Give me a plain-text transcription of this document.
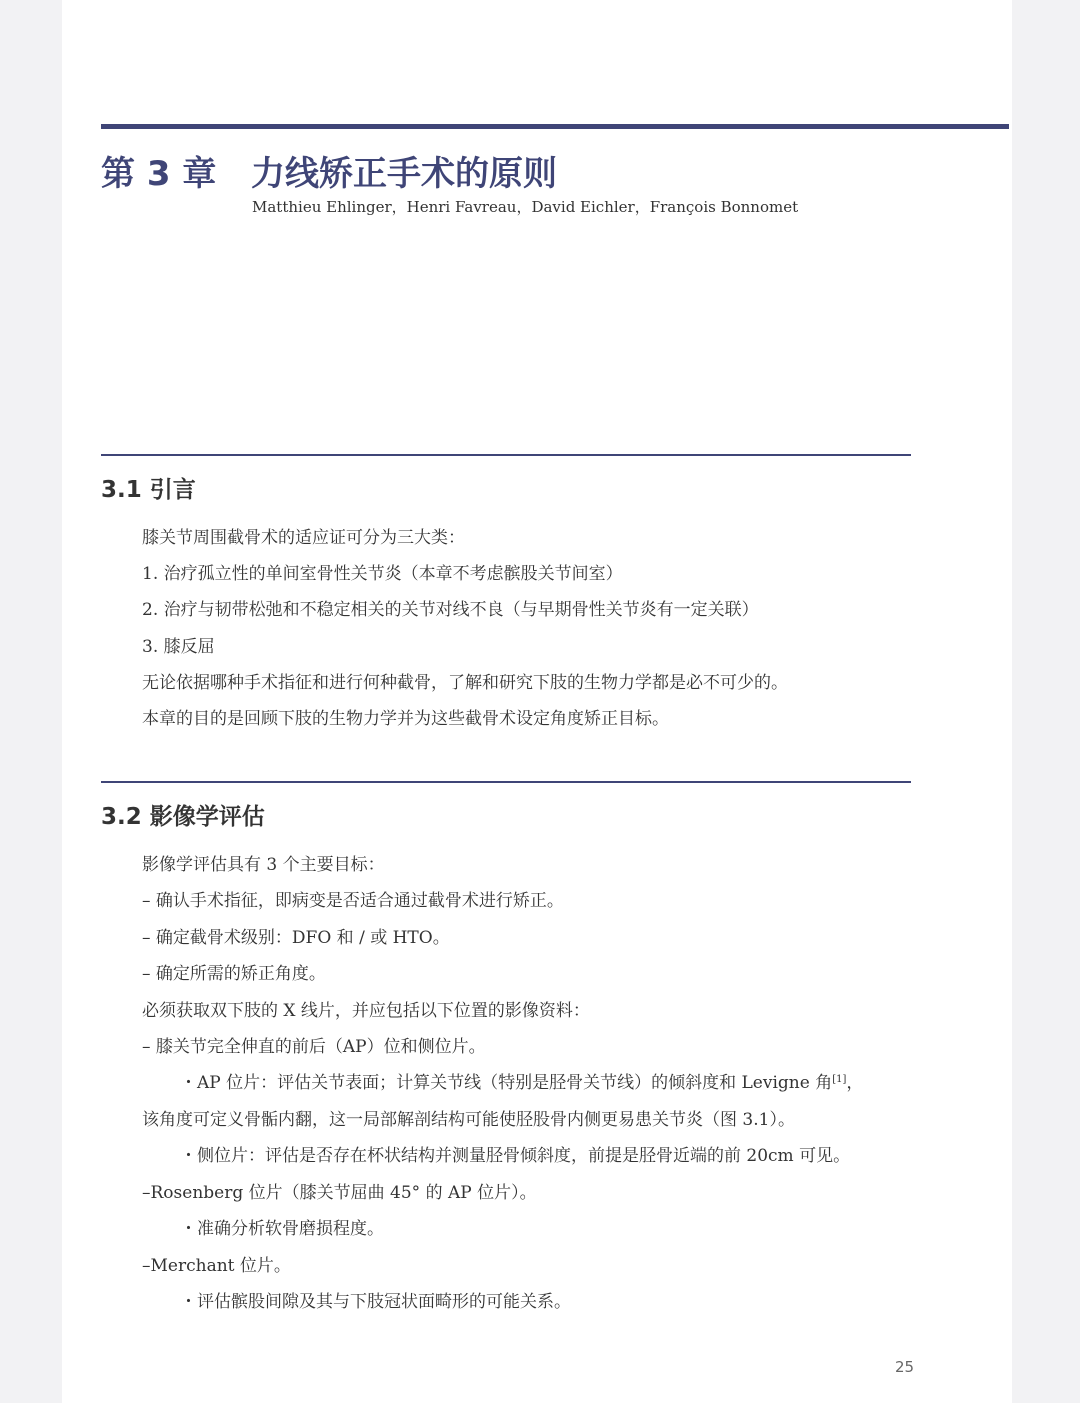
第 3 章 力线矫正手术的原则
Matthieu Ehlinger，Henri Favreau，David Eichler，François Bonnomet
3.1 引言
膝关节周围截骨术的适应证可分为三大类：
1. 治疗孤立性的单间室骨性关节炎（本章不考虑髌股关节间室）
2. 治疗与韧带松弛和不稳定相关的关节对线不良（与早期骨性关节炎有一定关联）
3. 膝反屈
无论依据哪种手术指征和进行何种截骨，了解和研究下肢的生物力学都是必不可少的。
本章的目的是回顾下肢的生物力学并为这些截骨术设定角度矫正目标。
3.2 影像学评估
影像学评估具有 3 个主要目标：
– 确认手术指征，即病变是否适合通过截骨术进行矫正。
– 确定截骨术级别：DFO 和 / 或 HTO。
– 确定所需的矫正角度。
必须获取双下肢的 X 线片，并应包括以下位置的影像资料：
– 膝关节完全伸直的前后（AP）位和侧位片。
・AP 位片：评估关节表面；计算关节线（特别是胫骨关节线）的倾斜度和 Levigne 角[1]，
该角度可定义骨骺内翻，这一局部解剖结构可能使胫股骨内侧更易患关节炎（图 3.1）。
・侧位片：评估是否存在杯状结构并测量胫骨倾斜度，前提是胫骨近端的前 20cm 可见。
–Rosenberg 位片（膝关节屈曲 45° 的 AP 位片）。
・准确分析软骨磨损程度。
–Merchant 位片。
・评估髌股间隙及其与下肢冠状面畸形的可能关系。
25
